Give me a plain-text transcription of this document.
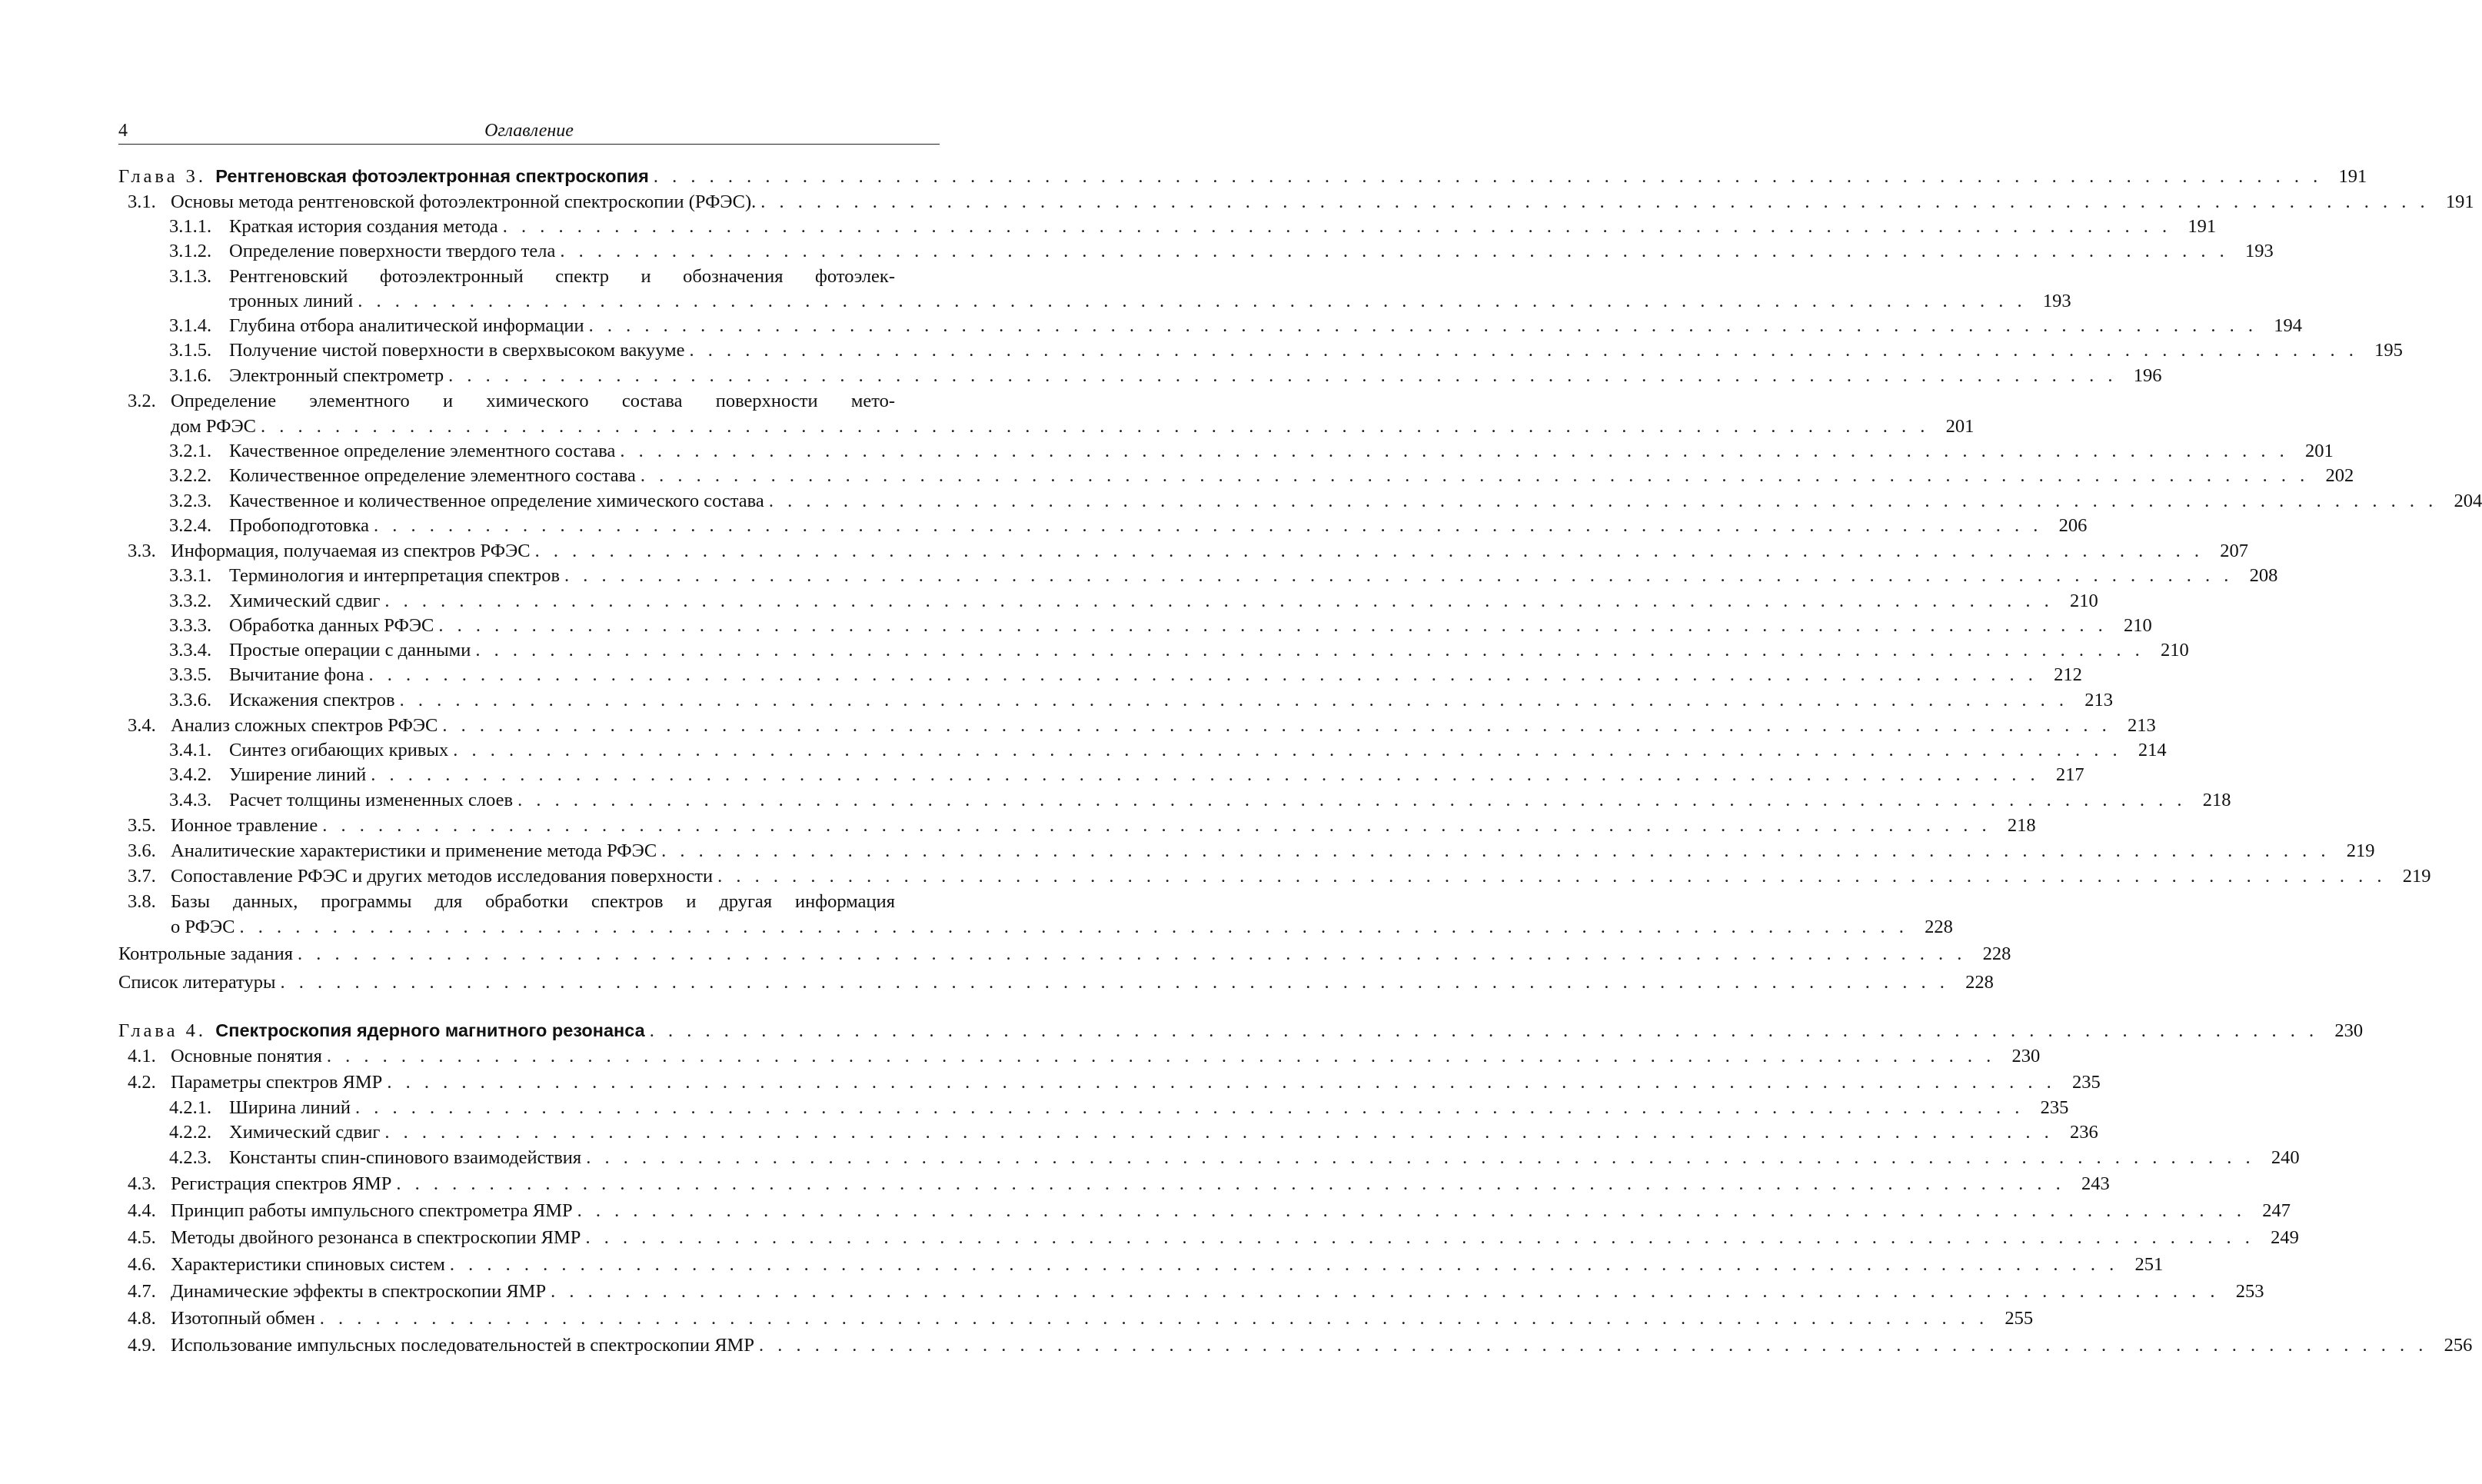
4	Оглавление
Глава 3. Рентгеновская фотоэлектронная спектроскопия . . .	191
3.1. Основы метода рентгеновской фотоэлектронной спектроскопии (РФЭС). . . .	191
3.1.1. Краткая история создания метода . . .	191
3.1.2. Определение поверхности твердого тела . . .	193
3.1.3. Рентгеновский фотоэлектронный спектр и обозначения фотоэлек-
тронных линий . . .	193
3.1.4. Глубина отбора аналитической информации . . .	194
3.1.5. Получение чистой поверхности в сверхвысоком вакууме . . .	195
3.1.6. Электронный спектрометр . . .	196
3.2. Определение элементного и химического состава поверхности мето-
дом РФЭС . . .	201
3.2.1. Качественное определение элементного состава . . .	201
3.2.2. Количественное определение элементного состава . . .	202
3.2.3. Качественное и количественное определение химического состава . . .	204
3.2.4. Пробоподготовка . . .	206
3.3. Информация, получаемая из спектров РФЭС . . .	207
3.3.1. Терминология и интерпретация спектров . . .	208
3.3.2. Химический сдвиг . . .	210
3.3.3. Обработка данных РФЭС . . .	210
3.3.4. Простые операции с данными . . .	210
3.3.5. Вычитание фона . . .	212
3.3.6. Искажения спектров . . .	213
3.4. Анализ сложных спектров РФЭС . . .	213
3.4.1. Синтез огибающих кривых . . .	214
3.4.2. Уширение линий . . .	217
3.4.3. Расчет толщины измененных слоев . . .	218
3.5. Ионное травление . . .	218
3.6. Аналитические характеристики и применение метода РФЭС . . .	219
3.7. Сопоставление РФЭС и других методов исследования поверхности . . .	219
3.8. Базы данных, программы для обработки спектров и другая информация
о РФЭС . . .	228
Контрольные задания . . .	228
Список литературы . . .	228
Глава 4. Спектроскопия ядерного магнитного резонанса . . .	230
4.1. Основные понятия . . .	230
4.2. Параметры спектров ЯМР . . .	235
4.2.1. Ширина линий . . .	235
4.2.2. Химический сдвиг . . .	236
4.2.3. Константы спин-спинового взаимодействия . . .	240
4.3. Регистрация спектров ЯМР . . .	243
4.4. Принцип работы импульсного спектрометра ЯМР . . .	247
4.5. Методы двойного резонанса в спектроскопии ЯМР . . .	249
4.6. Характеристики спиновых систем . . .	251
4.7. Динамические эффекты в спектроскопии ЯМР . . .	253
4.8. Изотопный обмен . . .	255
4.9. Использование импульсных последовательностей в спектроскопии ЯМР . . .	256
